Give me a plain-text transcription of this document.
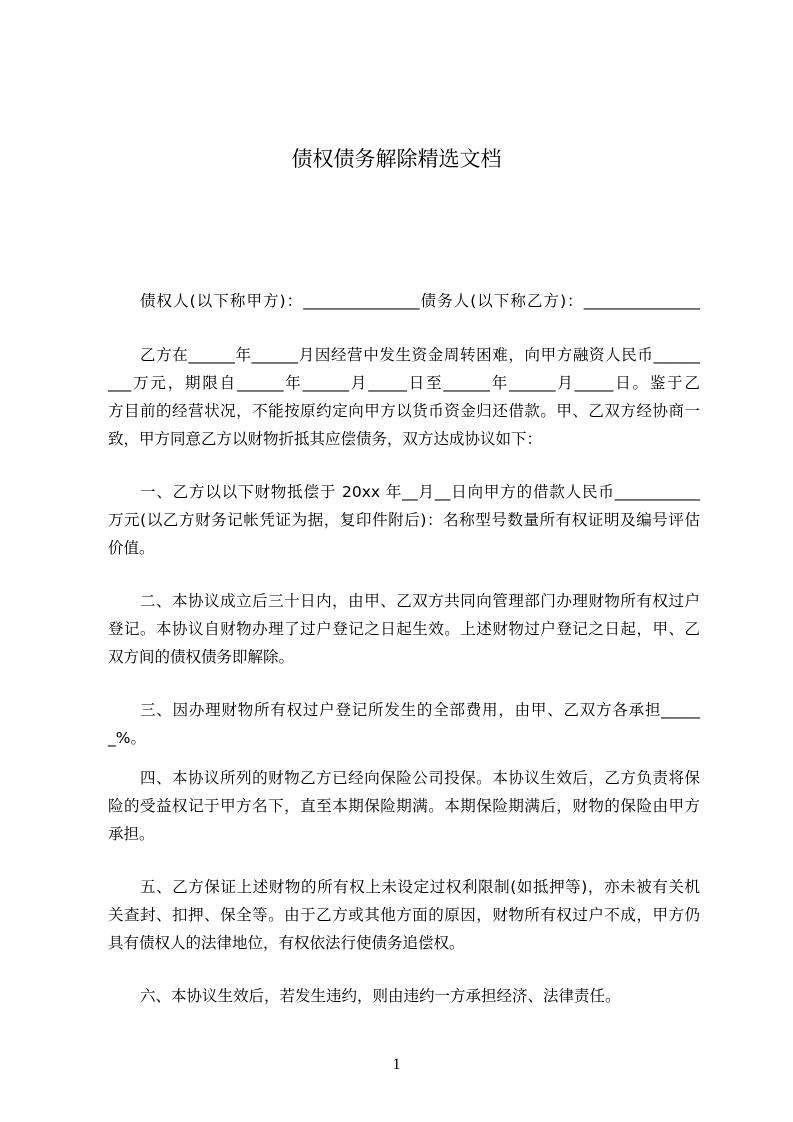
债权债务解除精选文档
债权人(以下称甲方)：_______________债务人(以下称乙方)：_______________
乙方在______年______月因经营中发生资金周转困难，向甲方融资人民币______
___万元，期限自______年______月_____日至______年______月_____日。鉴于乙
方目前的经营状况，不能按原约定向甲方以货币资金归还借款。甲、乙双方经协商一
致，甲方同意乙方以财物折抵其应偿债务，双方达成协议如下：
一、乙方以以下财物抵偿于 20xx 年__月__日向甲方的借款人民币___________
万元(以乙方财务记帐凭证为据，复印件附后)：名称型号数量所有权证明及编号评估
价值。
二、本协议成立后三十日内，由甲、乙双方共同向管理部门办理财物所有权过户
登记。本协议自财物办理了过户登记之日起生效。上述财物过户登记之日起，甲、乙
双方间的债权债务即解除。
三、因办理财物所有权过户登记所发生的全部费用，由甲、乙双方各承担_____
_%。
四、本协议所列的财物乙方已经向保险公司投保。本协议生效后，乙方负责将保
险的受益权记于甲方名下，直至本期保险期满。本期保险期满后，财物的保险由甲方
承担。
五、乙方保证上述财物的所有权上未设定过权利限制(如抵押等)，亦未被有关机
关查封、扣押、保全等。由于乙方或其他方面的原因，财物所有权过户不成，甲方仍
具有债权人的法律地位，有权依法行使债务追偿权。
六、本协议生效后，若发生违约，则由违约一方承担经济、法律责任。
1
